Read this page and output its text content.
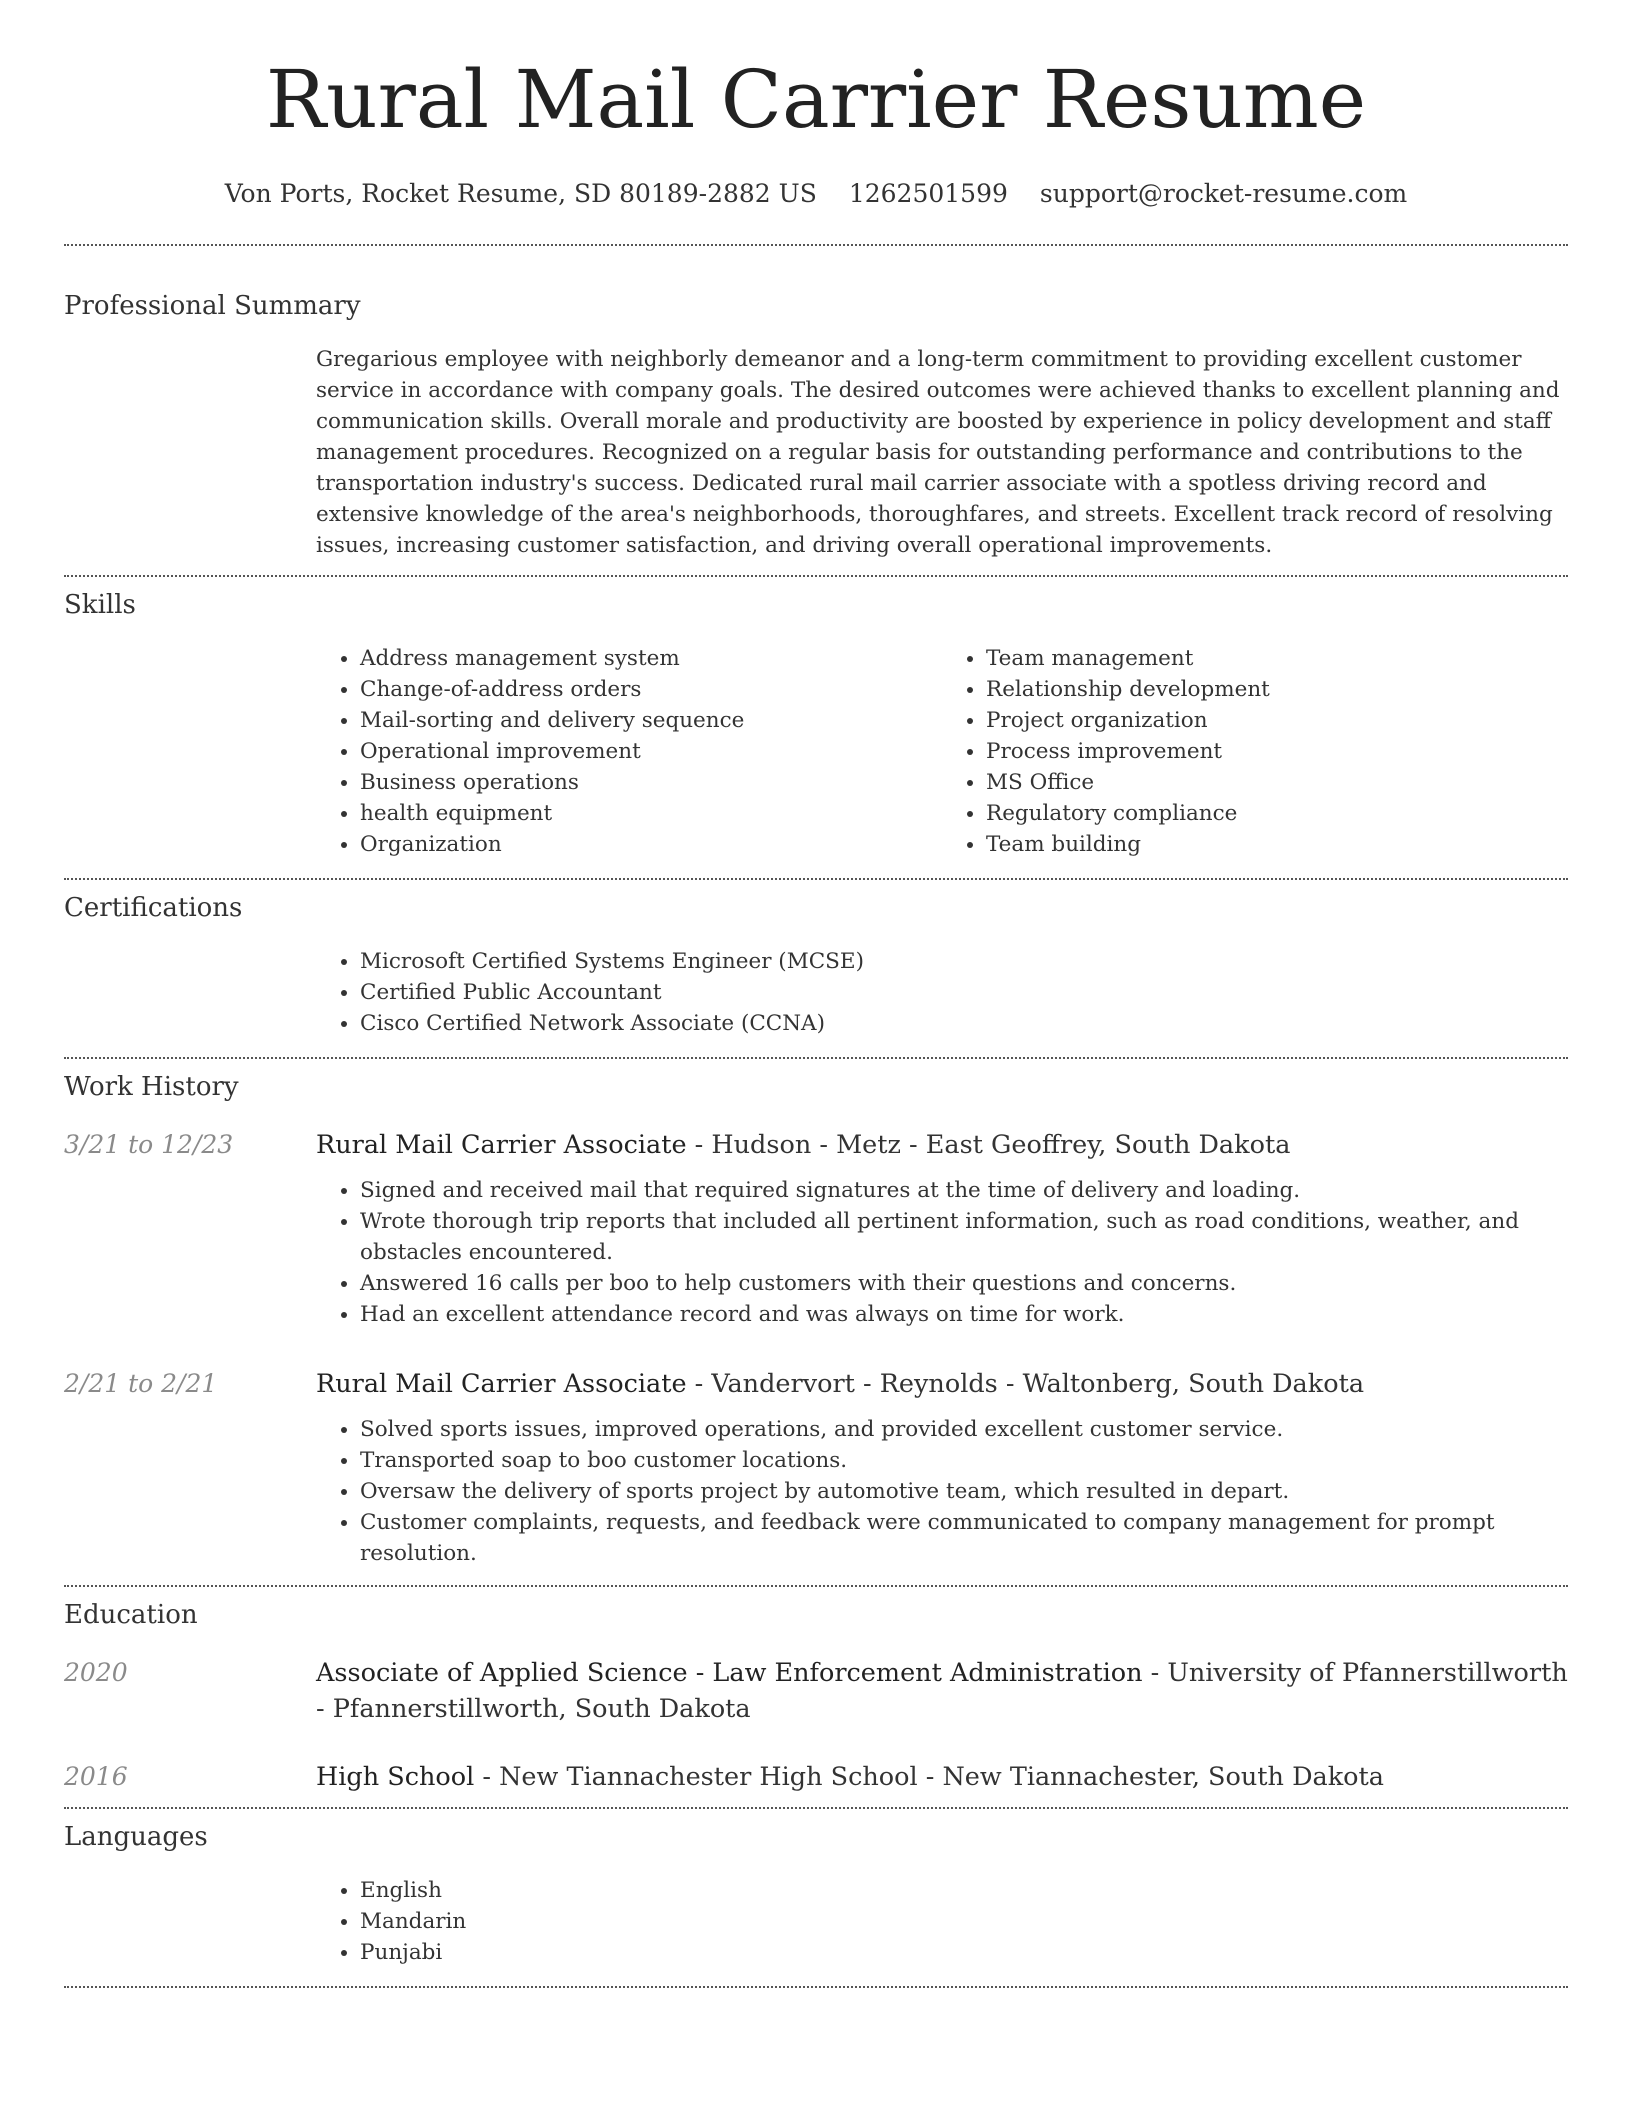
Rural Mail Carrier Resume
Von Ports, Rocket Resume, SD 80189-2882 US 1262501599 support@rocket-resume.com
Professional Summary

Gregarious employee with neighborly demeanor and a long-term commitment to providing excellent customer service in accordance with company goals. The desired outcomes were achieved thanks to excellent planning and communication skills. Overall morale and productivity are boosted by experience in policy development and staff management procedures. Recognized on a regular basis for outstanding performance and contributions to the transportation industry's success. Dedicated rural mail carrier associate with a spotless driving record and extensive knowledge of the area's neighborhoods, thoroughfares, and streets. Excellent track record of resolving issues, increasing customer satisfaction, and driving overall operational improvements.

Skills
• Address management system
• Change-of-address orders
• Mail-sorting and delivery sequence
• Operational improvement
• Business operations
• health equipment
• Organization
• Team management
• Relationship development
• Project organization
• Process improvement
• MS Office
• Regulatory compliance
• Team building
Certifications
• Microsoft Certified Systems Engineer (MCSE)
• Certified Public Accountant
• Cisco Certified Network Associate (CCNA)
Work History
3/21 to 12/23	Rural Mail Carrier Associate - Hudson - Metz - East Geoffrey, South Dakota
• Signed and received mail that required signatures at the time of delivery and loading.
• Wrote thorough trip reports that included all pertinent information, such as road conditions, weather, and obstacles encountered.
• Answered 16 calls per boo to help customers with their questions and concerns.
• Had an excellent attendance record and was always on time for work.
2/21 to 2/21	Rural Mail Carrier Associate - Vandervort - Reynolds - Waltonberg, South Dakota
• Solved sports issues, improved operations, and provided excellent customer service.
• Transported soap to boo customer locations.
• Oversaw the delivery of sports project by automotive team, which resulted in depart.
• Customer complaints, requests, and feedback were communicated to company management for prompt resolution.
Education
2020	Associate of Applied Science - Law Enforcement Administration - University of Pfannerstillworth - Pfannerstillworth, South Dakota
2016	High School - New Tiannachester High School - New Tiannachester, South Dakota
Languages
• English
• Mandarin
• Punjabi
